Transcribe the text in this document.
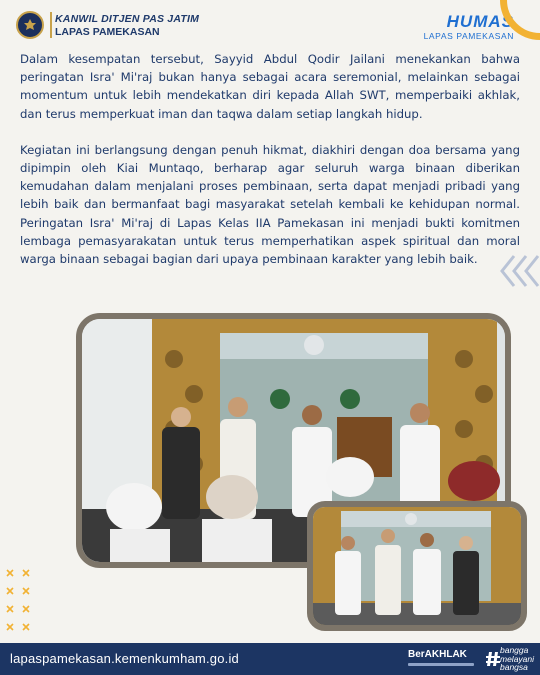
KANWIL DITJEN PAS JATIM
LAPAS PAMEKASAN
HUMAS
LAPAS PAMEKASAN

Dalam kesempatan tersebut, Sayyid Abdul Qodir Jailani menekankan bahwa peringatan Isra' Mi'raj bukan hanya sebagai acara seremonial, melainkan sebagai momentum untuk lebih mendekatkan diri kepada Allah SWT, memperbaiki akhlak, dan terus memperkuat iman dan taqwa dalam setiap langkah hidup.

Kegiatan ini berlangsung dengan penuh hikmat, diakhiri dengan doa bersama yang dipimpin oleh Kiai Muntaqo, berharap agar seluruh warga binaan diberikan kemudahan dalam menjalani proses pembinaan, serta dapat menjadi pribadi yang lebih baik dan bermanfaat bagi masyarakat setelah kembali ke kehidupan normal. Peringatan Isra' Mi'raj di Lapas Kelas IIA Pamekasan ini menjadi bukti komitmen lembaga pemasyarakatan untuk terus memperhatikan aspek spiritual dan moral warga binaan sebagai bagian dari upaya pembinaan karakter yang lebih baik.

lapaspamekasan.kemenkumham.go.id	BerAKHLAK	bangga
melayani
bangsa
